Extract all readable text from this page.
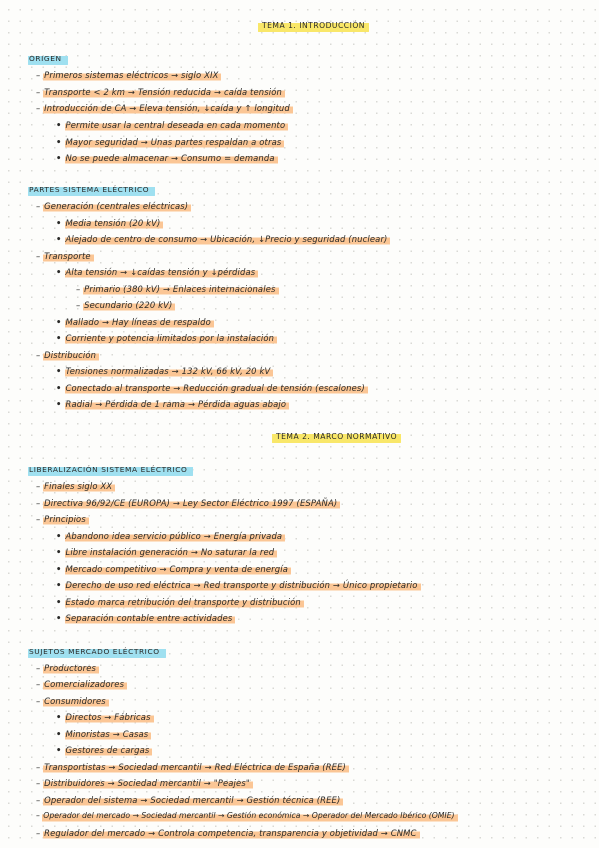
TEMA 1. INTRODUCCIÓN
ORIGEN
– Primeros sistemas eléctricos → siglo XIX
– Transporte < 2 km → Tensión reducida → caída tensión
– Introducción de CA → Eleva tensión, ↓caída y ↑ longitud
• Permite usar la central deseada en cada momento
• Mayor seguridad → Unas partes respaldan a otras
• No se puede almacenar → Consumo = demanda
PARTES SISTEMA ELÉCTRICO
– Generación (centrales eléctricas)
• Media tensión (20 kV)
• Alejado de centro de consumo → Ubicación, ↓Precio y seguridad (nuclear)
– Transporte
• Alta tensión → ↓caídas tensión y ↓pérdidas
– Primario (380 kV) → Enlaces internacionales
– Secundario (220 kV)
• Mallado → Hay líneas de respaldo
• Corriente y potencia limitados por la instalación
– Distribución
• Tensiones normalizadas → 132 kV, 66 kV, 20 kV
• Conectado al transporte → Reducción gradual de tensión (escalones)
• Radial → Pérdida de 1 rama → Pérdida aguas abajo
TEMA 2. MARCO NORMATIVO
LIBERALIZACIÓN SISTEMA ELÉCTRICO
– Finales siglo XX
– Directiva 96/92/CE (EUROPA) → Ley Sector Eléctrico 1997 (ESPAÑA)
– Principios
• Abandono idea servicio público → Energía privada
• Libre instalación generación → No saturar la red
• Mercado competitivo → Compra y venta de energía
• Derecho de uso red eléctrica → Red transporte y distribución → Único propietario
• Estado marca retribución del transporte y distribución
• Separación contable entre actividades
SUJETOS MERCADO ELÉCTRICO
– Productores
– Comercializadores
– Consumidores
• Directos → Fábricas
• Minoristas → Casas
• Gestores de cargas
– Transportistas → Sociedad mercantil → Red Eléctrica de España (REE)
– Distribuidores → Sociedad mercantil → "Peajes"
– Operador del sistema → Sociedad mercantil → Gestión técnica (REE)
– Operador del mercado → Sociedad mercantil → Gestión económica → Operador del Mercado Ibérico (OMIE)
– Regulador del mercado → Controla competencia, transparencia y objetividad → CNMC
